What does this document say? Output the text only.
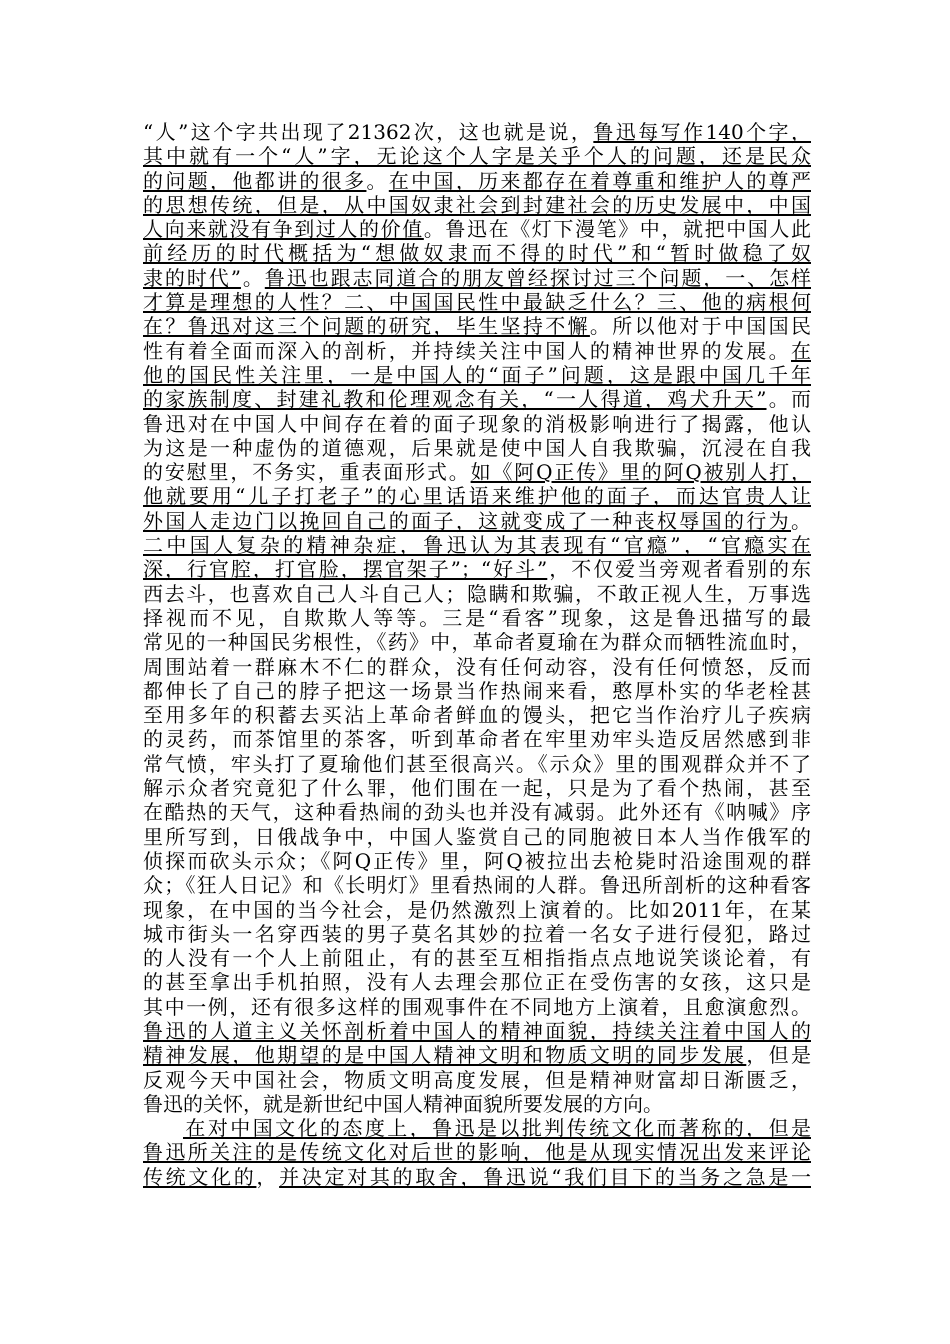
“人”这个字共出现了21362次，这也就是说，鲁迅每写作140个字，
其中就有一个“人”字，无论这个人字是关乎个人的问题，还是民众
的问题，他都讲的很多。在中国，历来都存在着尊重和维护人的尊严
的思想传统，但是，从中国奴隶社会到封建社会的历史发展中，中国
人向来就没有争到过人的价值。鲁迅在《灯下漫笔》中，就把中国人此
前经历的时代概括为“想做奴隶而不得的时代”和“暂时做稳了奴
隶的时代”。鲁迅也跟志同道合的朋友曾经探讨过三个问题，一、怎样
才算是理想的人性？二、中国国民性中最缺乏什么？三、他的病根何
在？鲁迅对这三个问题的研究，毕生坚持不懈。所以他对于中国国民
性有着全面而深入的剖析，并持续关注中国人的精神世界的发展。在
他的国民性关注里，一是中国人的“面子”问题，这是跟中国几千年
的家族制度、封建礼教和伦理观念有关，“一人得道，鸡犬升天”。而
鲁迅对在中国人中间存在着的面子现象的消极影响进行了揭露，他认
为这是一种虚伪的道德观，后果就是使中国人自我欺骗，沉浸在自我
的安慰里，不务实，重表面形式。如《阿Q正传》里的阿Q被别人打，
他就要用“儿子打老子”的心里话语来维护他的面子，而达官贵人让
外国人走边门以挽回自己的面子，这就变成了一种丧权辱国的行为。
二中国人复杂的精神杂症，鲁迅认为其表现有“官瘾”，“官瘾实在
深，行官腔，打官脸，摆官架子”；“好斗”，不仅爱当旁观者看别的东
西去斗，也喜欢自己人斗自己人；隐瞒和欺骗，不敢正视人生，万事选
择视而不见，自欺欺人等等。三是“看客”现象，这是鲁迅描写的最
常见的一种国民劣根性，《药》中，革命者夏瑜在为群众而牺牲流血时，
周围站着一群麻木不仁的群众，没有任何动容，没有任何愤怒，反而
都伸长了自己的脖子把这一场景当作热闹来看，憨厚朴实的华老栓甚
至用多年的积蓄去买沾上革命者鲜血的馒头，把它当作治疗儿子疾病
的灵药，而茶馆里的茶客，听到革命者在牢里劝牢头造反居然感到非
常气愤，牢头打了夏瑜他们甚至很高兴。《示众》里的围观群众并不了
解示众者究竟犯了什么罪，他们围在一起，只是为了看个热闹，甚至
在酷热的天气，这种看热闹的劲头也并没有减弱。此外还有《呐喊》序
里所写到，日俄战争中，中国人鉴赏自己的同胞被日本人当作俄军的
侦探而砍头示众；《阿Q正传》里，阿Q被拉出去枪毙时沿途围观的群
众；《狂人日记》和《长明灯》里看热闹的人群。鲁迅所剖析的这种看客
现象，在中国的当今社会，是仍然激烈上演着的。比如2011年，在某
城市街头一名穿西装的男子莫名其妙的拉着一名女子进行侵犯，路过
的人没有一个人上前阻止，有的甚至互相指指点点地说笑谈论着，有
的甚至拿出手机拍照，没有人去理会那位正在受伤害的女孩，这只是
其中一例，还有很多这样的围观事件在不同地方上演着，且愈演愈烈。
鲁迅的人道主义关怀剖析着中国人的精神面貌，持续关注着中国人的
精神发展，他期望的是中国人精神文明和物质文明的同步发展，但是
反观今天中国社会，物质文明高度发展，但是精神财富却日渐匮乏，
鲁迅的关怀，就是新世纪中国人精神面貌所要发展的方向。
在对中国文化的态度上，鲁迅是以批判传统文化而著称的，但是
鲁迅所关注的是传统文化对后世的影响，他是从现实情况出发来评论
传统文化的，并决定对其的取舍，鲁迅说“我们目下的当务之急是一
